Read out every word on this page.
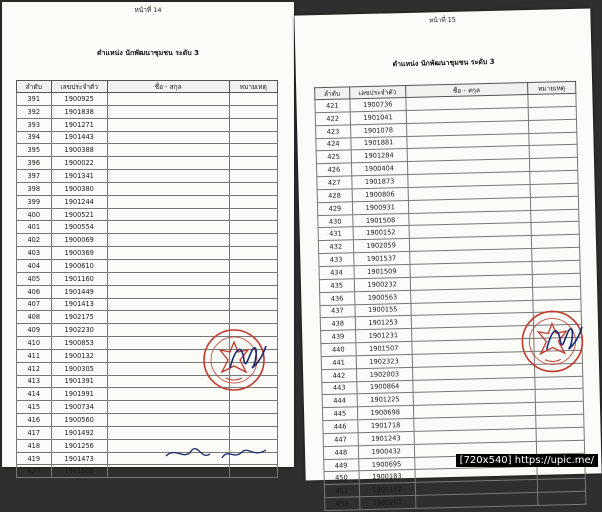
หน้าที่ 14
ตำแหน่ง นักพัฒนาชุมชน ระดับ 3
ลำดับ	เลขประจำตัว	ชื่อ - สกุล	หมายเหตุ
391	1900925		
392	1901838		
393	1901271		
394	1901443		
395	1900388		
396	1900022		
397	1901341		
398	1900380		
399	1901244		
400	1900521		
401	1900554		
402	1900069		
403	1900369		
404	1900610		
405	1901160		
406	1901449		
407	1901413		
408	1902175		
409	1902230		
410	1900853		
411	1900132		
412	1900305		
413	1901391		
414	1901991		
415	1900734		
416	1900560		
417	1901492		
418	1901256		
419	1901473		
420	1901606		
หน้าที่ 15
ตำแหน่ง นักพัฒนาชุมชน ระดับ 3
ลำดับ	เลขประจำตัว	ชื่อ - สกุล	หมายเหตุ
421	1900736		
422	1901041		
423	1901078		
424	1901881		
425	1901284		
426	1900404		
427	1901873		
428	1900806		
429	1900931		
430	1901508		
431	1900152		
432	1902059		
433	1901537		
434	1901509		
435	1900232		
436	1900563		
437	1900155		
438	1901253		
439	1901231		
440	1901507		
441	1902323		
442	1902003		
443	1900864		
444	1901225		
445	1900698		
446	1901718		
447	1901243		
448	1900432		
449	1900695		
450	1900183		
451	1901172		
452	1901261		
[720x540] https://upic.me/
